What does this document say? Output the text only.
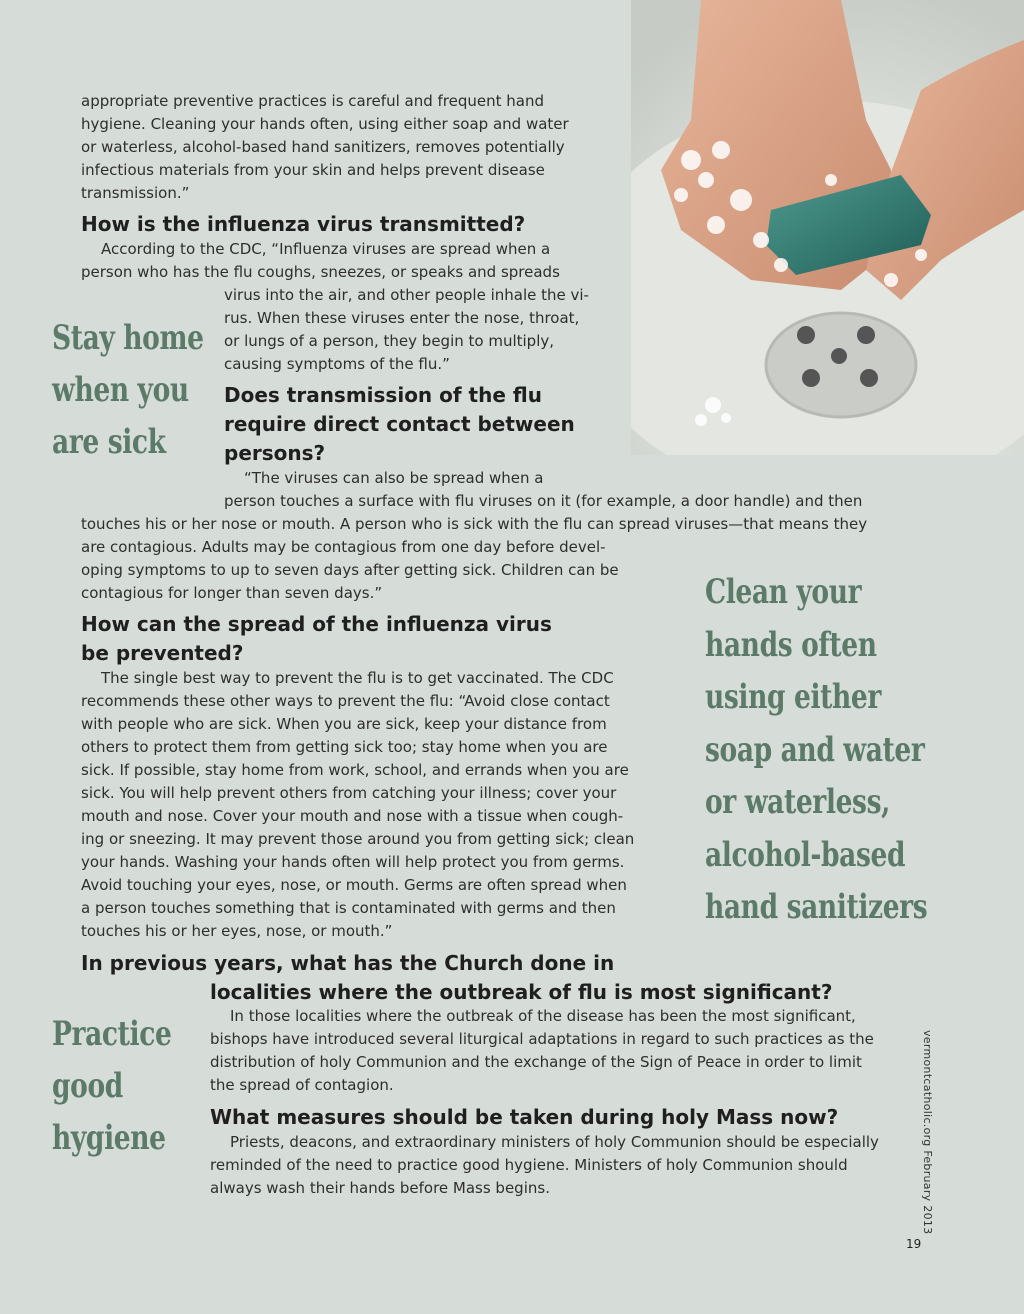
appropriate preventive practices is careful and frequent hand
hygiene. Cleaning your hands often, using either soap and water
or waterless, alcohol-based hand sanitizers, removes potentially
infectious materials from your skin and helps prevent disease
transmission.”
How is the influenza virus transmitted?
According to the CDC, “Influenza viruses are spread when a
person who has the flu coughs, sneezes, or speaks and spreads
virus into the air, and other people inhale the vi-
rus. When these viruses enter the nose, throat,
or lungs of a person, they begin to multiply,
causing symptoms of the flu.”
Stay home
when you
are sick
Does transmission of the flu
require direct contact between
persons?
“The viruses can also be spread when a
person touches a surface with flu viruses on it (for example, a door handle) and then
touches his or her nose or mouth. A person who is sick with the flu can spread viruses—that means they
are contagious. Adults may be contagious from one day before devel-
oping symptoms to up to seven days after getting sick. Children can be
contagious for longer than seven days.”	Clean your
hands often
using either
soap and water
or waterless,
alcohol-based
hand sanitizers
How can the spread of the influenza virus
be prevented?
The single best way to prevent the flu is to get vaccinated. The CDC
recommends these other ways to prevent the flu: “Avoid close contact
with people who are sick. When you are sick, keep your distance from
others to protect them from getting sick too; stay home when you are
sick. If possible, stay home from work, school, and errands when you are
sick. You will help prevent others from catching your illness; cover your
mouth and nose. Cover your mouth and nose with a tissue when cough-
ing or sneezing. It may prevent those around you from getting sick; clean
your hands. Washing your hands often will help protect you from germs.
Avoid touching your eyes, nose, or mouth. Germs are often spread when
a person touches something that is contaminated with germs and then
touches his or her eyes, nose, or mouth.”
In previous years, what has the Church done in
localities where the outbreak of flu is most significant?
In those localities where the outbreak of the disease has been the most significant,
bishops have introduced several liturgical adaptations in regard to such practices as the
distribution of holy Communion and the exchange of the Sign of Peace in order to limit
the spread of contagion.
Practice
good
hygiene
What measures should be taken during holy Mass now?
Priests, deacons, and extraordinary ministers of holy Communion should be especially
reminded of the need to practice good hygiene. Ministers of holy Communion should
always wash their hands before Mass begins.	vermontcatholic.org February 2013
19
